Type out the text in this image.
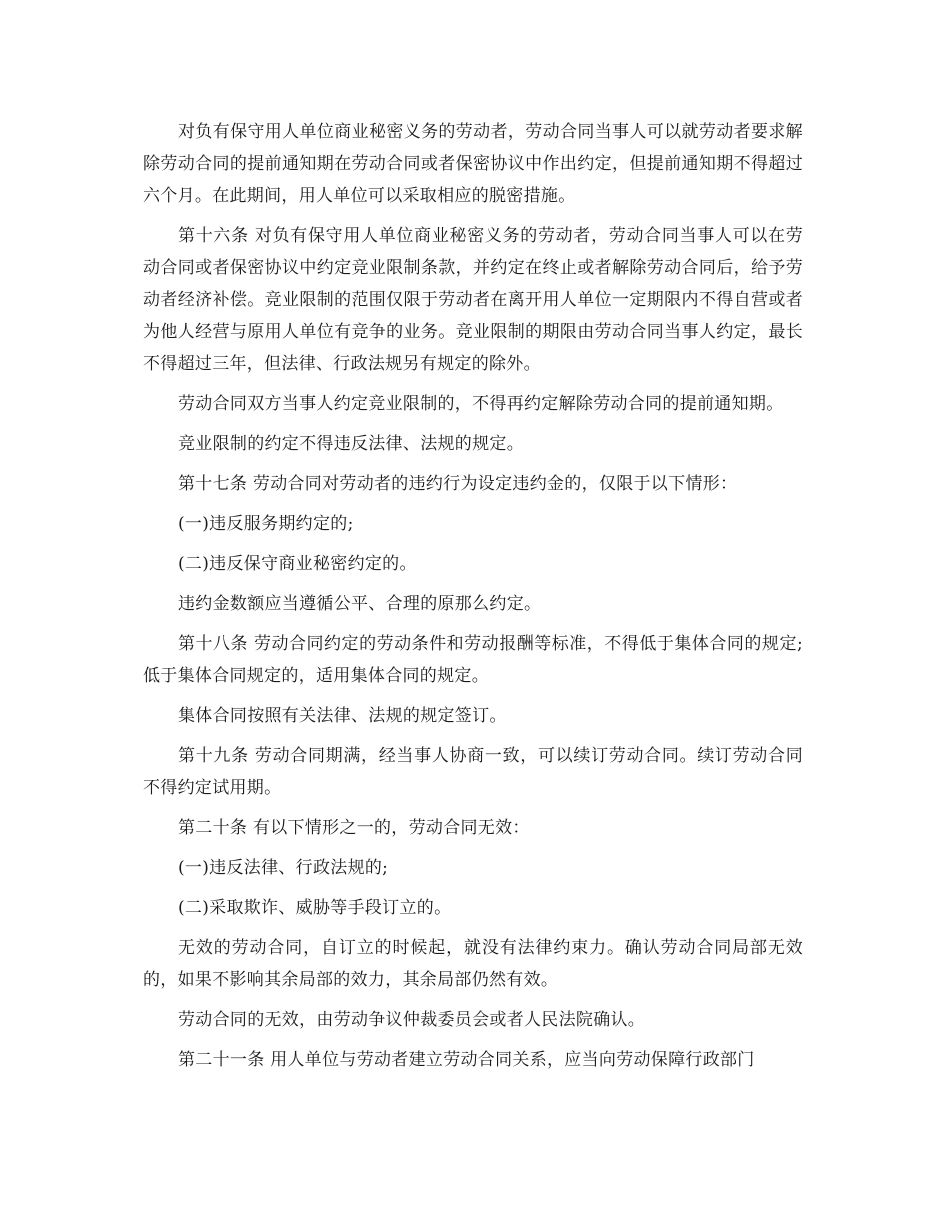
对负有保守用人单位商业秘密义务的劳动者，劳动合同当事人可以就劳动者要求解除劳动合同的提前通知期在劳动合同或者保密协议中作出约定，但提前通知期不得超过六个月。在此期间，用人单位可以采取相应的脱密措施。

第十六条 对负有保守用人单位商业秘密义务的劳动者，劳动合同当事人可以在劳动合同或者保密协议中约定竞业限制条款，并约定在终止或者解除劳动合同后，给予劳动者经济补偿。竞业限制的范围仅限于劳动者在离开用人单位一定期限内不得自营或者为他人经营与原用人单位有竞争的业务。竞业限制的期限由劳动合同当事人约定，最长不得超过三年，但法律、行政法规另有规定的除外。

劳动合同双方当事人约定竞业限制的，不得再约定解除劳动合同的提前通知期。

竞业限制的约定不得违反法律、法规的规定。

第十七条 劳动合同对劳动者的违约行为设定违约金的，仅限于以下情形：

(一)违反服务期约定的;

(二)违反保守商业秘密约定的。

违约金数额应当遵循公平、合理的原那么约定。

第十八条 劳动合同约定的劳动条件和劳动报酬等标准，不得低于集体合同的规定;低于集体合同规定的，适用集体合同的规定。

集体合同按照有关法律、法规的规定签订。

第十九条 劳动合同期满，经当事人协商一致，可以续订劳动合同。续订劳动合同不得约定试用期。

第二十条 有以下情形之一的，劳动合同无效：

(一)违反法律、行政法规的;

(二)采取欺诈、威胁等手段订立的。

无效的劳动合同，自订立的时候起，就没有法律约束力。确认劳动合同局部无效的，如果不影响其余局部的效力，其余局部仍然有效。

劳动合同的无效，由劳动争议仲裁委员会或者人民法院确认。

第二十一条 用人单位与劳动者建立劳动合同关系，应当向劳动保障行政部门
